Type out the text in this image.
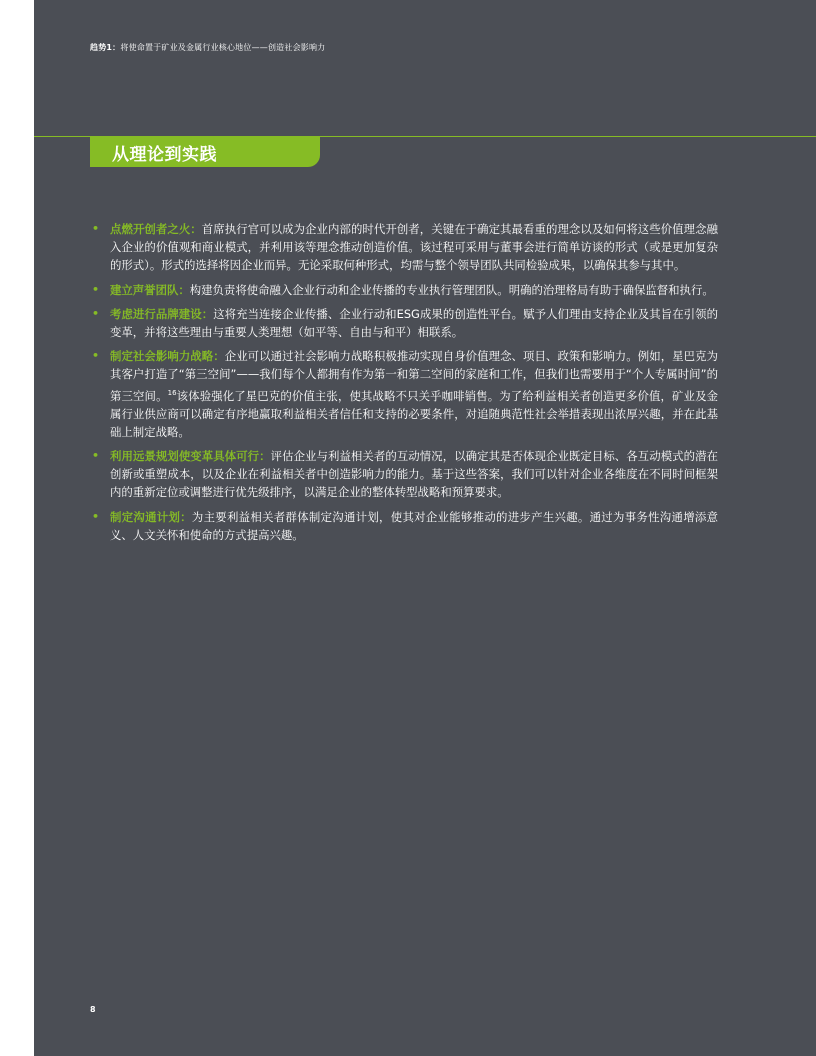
趋势1：将使命置于矿业及金属行业核心地位——创造社会影响力
从理论到实践
• 点燃开创者之火：首席执行官可以成为企业内部的时代开创者，关键在于确定其最看重的理念以及如何将这些价值理念融入企业的价值观和商业模式，并利用该等理念推动创造价值。该过程可采用与董事会进行简单访谈的形式（或是更加复杂的形式）。形式的选择将因企业而异。无论采取何种形式，均需与整个领导团队共同检验成果，以确保其参与其中。
• 建立声誉团队：构建负责将使命融入企业行动和企业传播的专业执行管理团队。明确的治理格局有助于确保监督和执行。
• 考虑进行品牌建设：这将充当连接企业传播、企业行动和ESG成果的创造性平台。赋予人们理由支持企业及其旨在引领的变革，并将这些理由与重要人类理想（如平等、自由与和平）相联系。
• 制定社会影响力战略：企业可以通过社会影响力战略积极推动实现自身价值理念、项目、政策和影响力。例如，星巴克为其客户打造了“第三空间”——我们每个人都拥有作为第一和第二空间的家庭和工作，但我们也需要用于“个人专属时间”的第三空间。$^{16}$该体验强化了星巴克的价值主张，使其战略不只关乎咖啡销售。为了给利益相关者创造更多价值，矿业及金属行业供应商可以确定有序地赢取利益相关者信任和支持的必要条件，对追随典范性社会举措表现出浓厚兴趣，并在此基础上制定战略。
• 利用远景规划使变革具体可行：评估企业与利益相关者的互动情况，以确定其是否体现企业既定目标、各互动模式的潜在创新或重塑成本，以及企业在利益相关者中创造影响力的能力。基于这些答案，我们可以针对企业各维度在不同时间框架内的重新定位或调整进行优先级排序，以满足企业的整体转型战略和预算要求。
• 制定沟通计划：为主要利益相关者群体制定沟通计划，使其对企业能够推动的进步产生兴趣。通过为事务性沟通增添意义、人文关怀和使命的方式提高兴趣。
8
